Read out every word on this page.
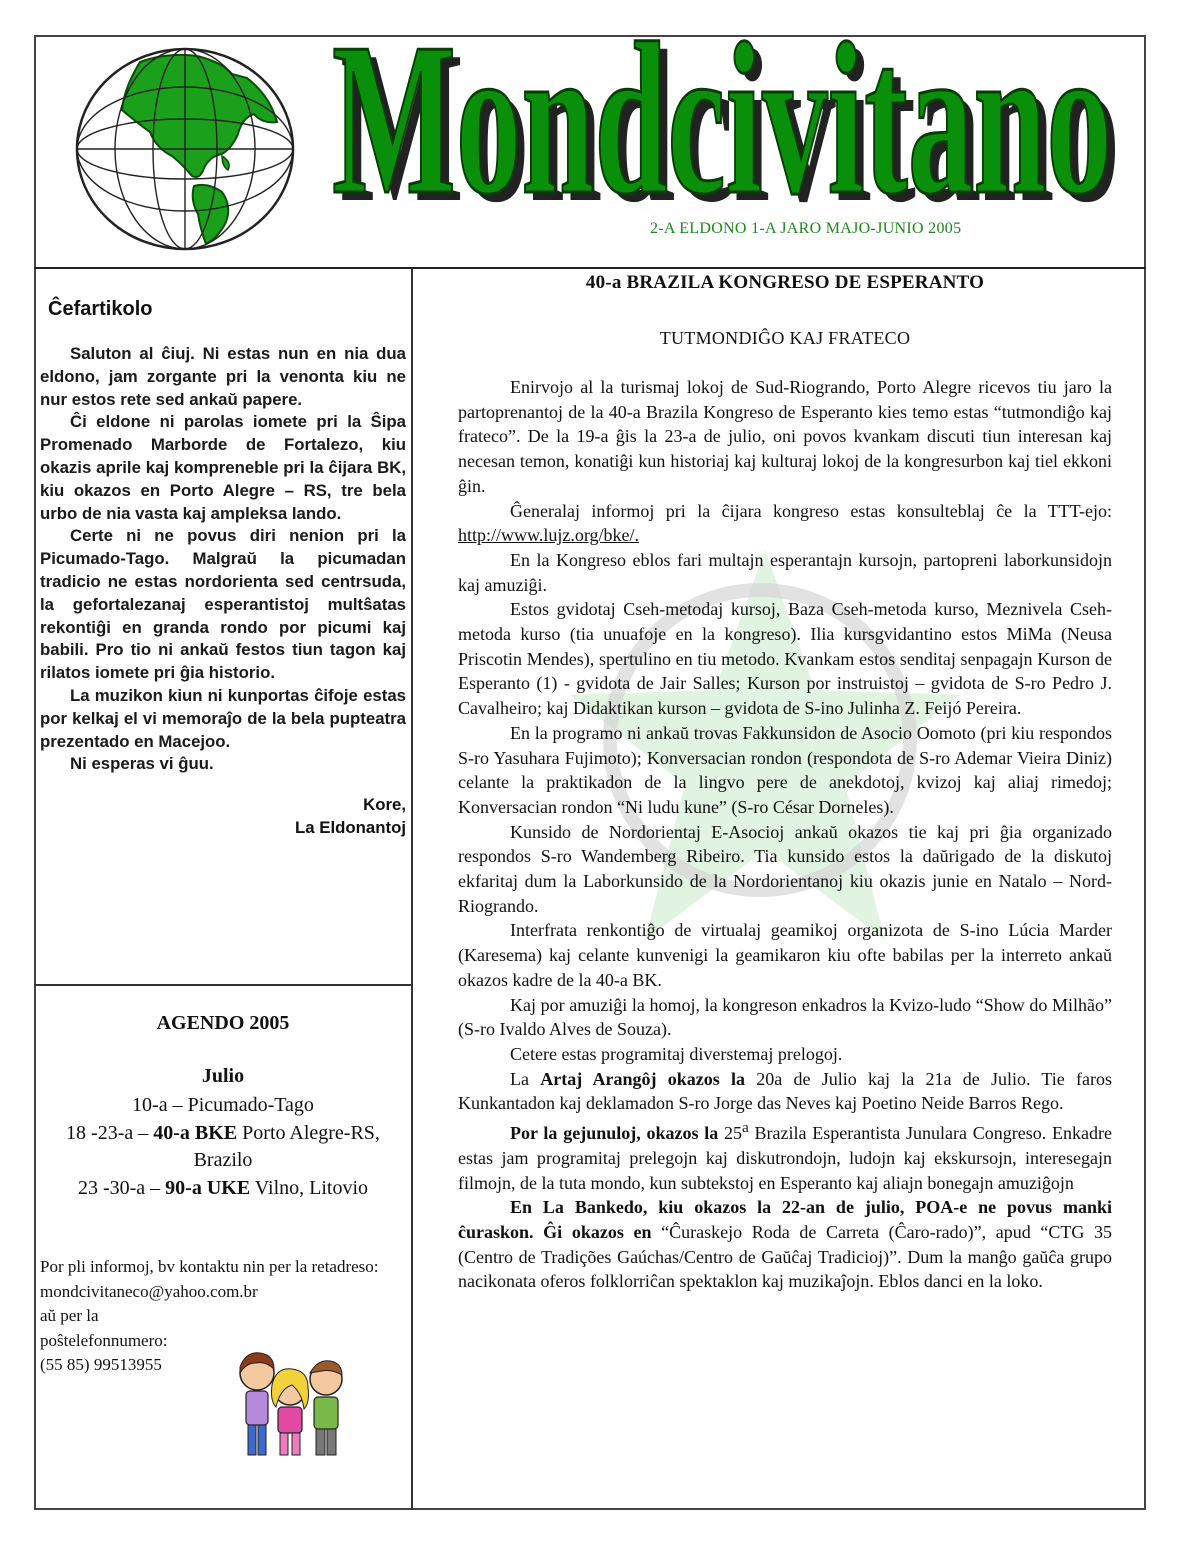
Mondcivitano
Mondcivitano
2-A ELDONO 1-A JARO MAJO-JUNIO 2005
Ĉefartikolo

Saluton al ĉiuj. Ni estas nun en nia dua eldono, jam zorgante pri la venonta kiu ne nur estos rete sed ankaŭ papere.

Ĉi eldone ni parolas iomete pri la Ŝipa Promenado Marborde de Fortalezo, kiu okazis aprile kaj kompreneble pri la ĉijara BK, kiu okazos en Porto Alegre – RS, tre bela urbo de nia vasta kaj ampleksa lando.

Certe ni ne povus diri nenion pri la Picumado-Tago. Malgraŭ la picumadan tradicio ne estas nordorienta sed centrsuda, la gefortalezanaj esperantistoj multŝatas rekontiĝi en granda rondo por picumi kaj babili. Pro tio ni ankaŭ festos tiun tagon kaj rilatos iomete pri ĝia historio.

La muzikon kiun ni kunportas ĉifoje estas por kelkaj el vi memoraĵo de la bela pupteatra prezentado en Macejoo.

Ni esperas vi ĝuu.

Kore,
La Eldonantoj
AGENDO 2005
Julio
10-a – Picumado-Tago
18 -23-a – 40-a BKE Porto Alegre-RS, Brazilo
23 -30-a – 90-a UKE Vilno, Litovio
Por pli informoj, bv kontaktu nin per la retadreso:
mondcivitaneco@yahoo.com.br
aŭ per la poŝtelefonnumero:
(55 85) 99513955
40-a BRAZILA KONGRESO DE ESPERANTO
TUTMONDIĜO KAJ FRATECO

Enirvojo al la turismaj lokoj de Sud-Riogrando, Porto Alegre ricevos tiu jaro la partoprenantoj de la 40-a Brazila Kongreso de Esperanto kies temo estas “tutmondiĝo kaj frateco”. De la 19-a ĝis la 23-a de julio, oni povos kvankam discuti tiun interesan kaj necesan temon, konatiĝi kun historiaj kaj kulturaj lokoj de la kongresurbon kaj tiel ekkoni ĝin.

Ĝeneralaj informoj pri la ĉijara kongreso estas konsulteblaj ĉe la TTT-ejo: http://www.lujz.org/bke/.

En la Kongreso eblos fari multajn esperantajn kursojn, partopreni laborkunsidojn kaj amuziĝi.

Estos gvidotaj Cseh-metodaj kursoj, Baza Cseh-metoda kurso, Meznivela Cseh-metoda kurso (tia unuafoje en la kongreso). Ilia kursgvidantino estos MiMa (Neusa Priscotin Mendes), spertulino en tiu metodo. Kvankam estos senditaj senpagajn Kurson de Esperanto (1) - gvidota de Jair Salles; Kurson por instruistoj – gvidota de S-ro Pedro J. Cavalheiro; kaj Didaktikan kurson – gvidota de S-ino Julinha Z. Feijó Pereira.

En la programo ni ankaŭ trovas Fakkunsidon de Asocio Oomoto (pri kiu respondos S-ro Yasuhara Fujimoto); Konversacian rondon (respondota de S-ro Ademar Vieira Diniz) celante la praktikadon de la lingvo pere de anekdotoj, kvizoj kaj aliaj rimedoj; Konversacian rondon “Ni ludu kune” (S-ro César Dorneles).

Kunsido de Nordorientaj E-Asocioj ankaŭ okazos tie kaj pri ĝia organizado respondos S-ro Wandemberg Ribeiro. Tia kunsido estos la daŭrigado de la diskutoj ekfaritaj dum la Laborkunsido de la Nordorientanoj kiu okazis junie en Natalo – Nord-Riogrando.

Interfrata renkontiĝo de virtualaj geamikoj organizota de S-ino Lúcia Marder (Karesema) kaj celante kunvenigi la geamikaron kiu ofte babilas per la interreto ankaŭ okazos kadre de la 40-a BK.

Kaj por amuziĝi la homoj, la kongreson enkadros la Kvizo-ludo “Show do Milhão” (S-ro Ivaldo Alves de Souza).

Cetere estas programitaj diverstemaj prelogoj.

La Artaj Arangôj okazos la 20a de Julio kaj la 21a de Julio. Tie faros Kunkantadon kaj deklamadon S-ro Jorge das Neves kaj Poetino Neide Barros Rego.

Por la gejunuloj, okazos la 25$^a$ Brazila Esperantista Junulara Congreso. Enkadre estas jam programitaj prelegojn kaj diskutrondojn, ludojn kaj ekskursojn, interesegajn filmojn, de la tuta mondo, kun subtekstoj en Esperanto kaj aliajn bonegajn amuziĝojn

En La Bankedo, kiu okazos la 22-an de julio, POA-e ne povus manki ĉuraskon. Ĝi okazos en “Ĉuraskejo Roda de Carreta (Ĉaro-rado)”, apud “CTG 35 (Centro de Tradições Gaúchas/Centro de Gaŭĉaj Tradicioj)”. Dum la manĝo gaŭĉa grupo nacikonata oferos folklorriĉan spektaklon kaj muzikaĵojn. Eblos danci en la loko.
